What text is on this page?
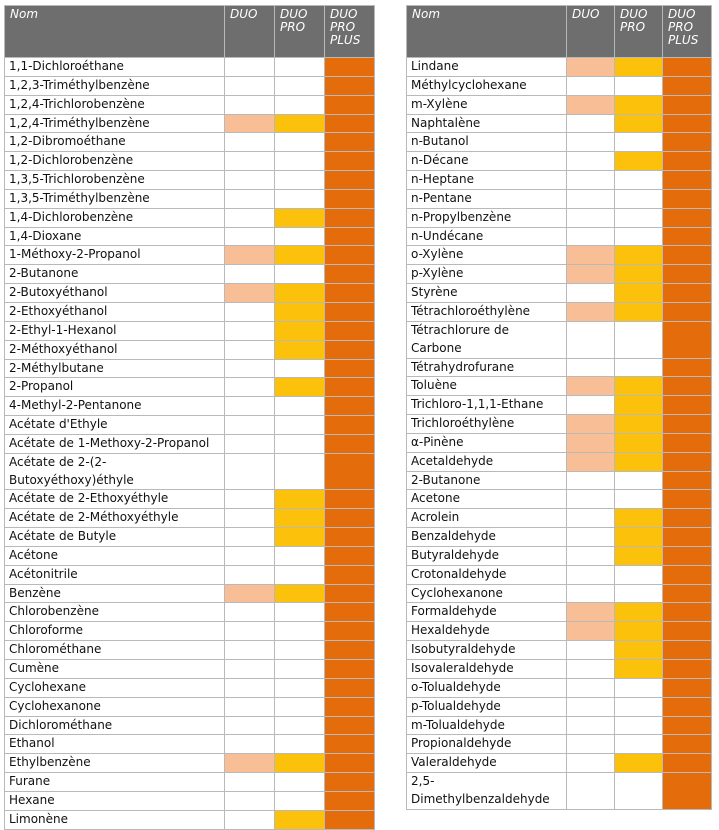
Nom	DUO	DUO PRO	DUO PRO PLUS

1,1-Dichloroéthane			

1,2,3-Triméthylbenzène			

1,2,4-Trichlorobenzène			

1,2,4-Triméthylbenzène			

1,2-Dibromoéthane			

1,2-Dichlorobenzène			

1,3,5-Trichlorobenzène			

1,3,5-Triméthylbenzène			

1,4-Dichlorobenzène			

1,4-Dioxane			

1-Méthoxy-2-Propanol			

2-Butanone			

2-Butoxyéthanol			

2-Ethoxyéthanol			

2-Ethyl-1-Hexanol			

2-Méthoxyéthanol			

2-Méthylbutane			

2-Propanol			

4-Methyl-2-Pentanone			

Acétate d'Ethyle			

Acétate de 1-Methoxy-2-Propanol			

Acétate de 2-(2-
Butoxyéthoxy)éthyle			

Acétate de 2-Ethoxyéthyle			

Acétate de 2-Méthoxyéthyle			

Acétate de Butyle			

Acétone			

Acétonitrile			

Benzène			

Chlorobenzène			

Chloroforme			

Chlorométhane			

Cumène			

Cyclohexane			

Cyclohexanone			

Dichlorométhane			

Ethanol			

Ethylbenzène			

Furane			

Hexane			

Limonène			

Nom	DUO	DUO PRO	DUO PRO PLUS

Lindane			

Méthylcyclohexane			

m-Xylène			

Naphtalène			

n-Butanol			

n-Décane			

n-Heptane			

n-Pentane			

n-Propylbenzène			

n-Undécane			

o-Xylène			

p-Xylène			

Styrène			

Tétrachloroéthylène			

Tétrachlorure de
Carbone			

Tétrahydrofurane			

Toluène			

Trichloro-1,1,1-Ethane			

Trichloroéthylène			

α-Pinène			

Acetaldehyde			

2-Butanone			

Acetone			

Acrolein			

Benzaldehyde			

Butyraldehyde			

Crotonaldehyde			

Cyclohexanone			

Formaldehyde			

Hexaldehyde			

Isobutyraldehyde			

Isovaleraldehyde			

o-Tolualdehyde			

p-Tolualdehyde			

m-Tolualdehyde			

Propionaldehyde			

Valeraldehyde			

2,5-
Dimethylbenzaldehyde			
